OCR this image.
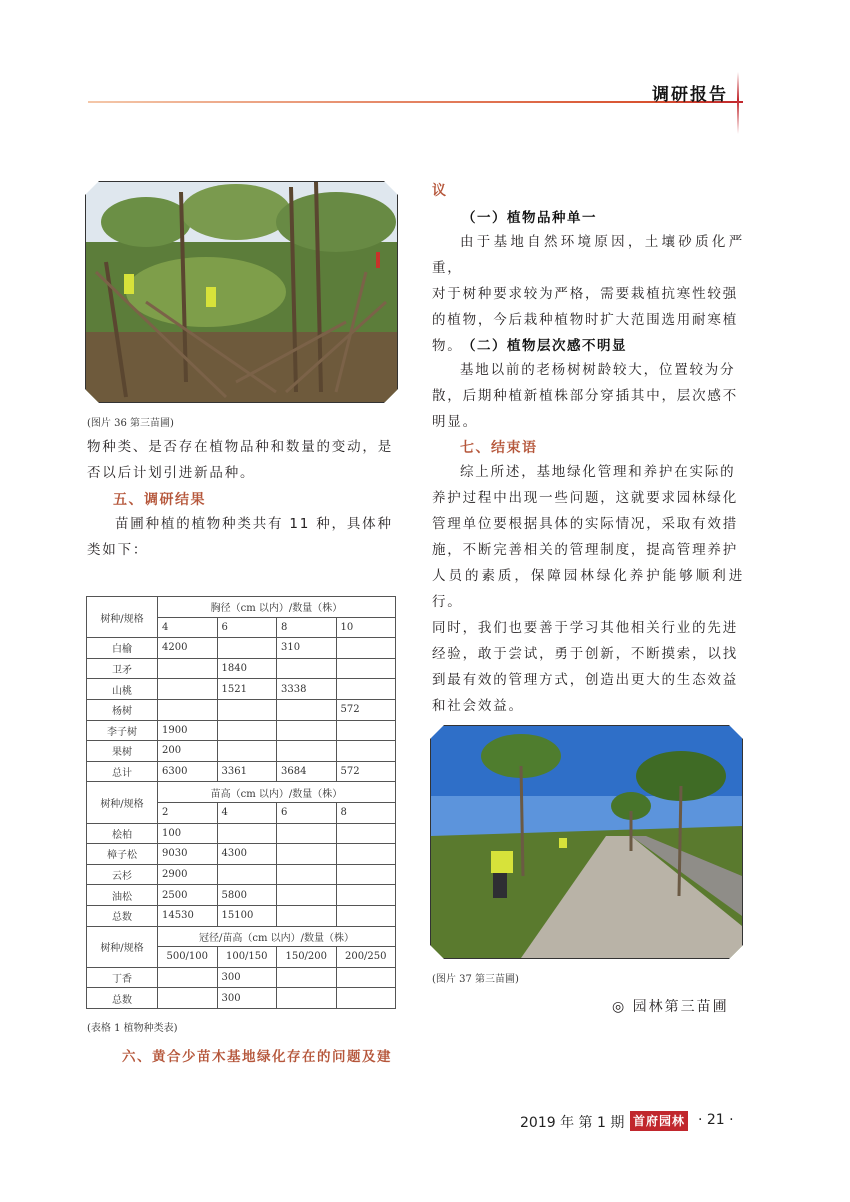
调研报告
(图片 36 第三苗圃)
物种类、是否存在植物品种和数量的变动，是
否以后计划引进新品种。
五、调研结果
苗圃种植的植物种类共有 11 种，具体种
类如下：
树种/规格	胸径（cm 以内）/数量（株）			
	4	6	8	10
白榆	4200		310	
卫矛		1840		
山桃		1521	3338	
杨树				572
李子树	1900			
果树	200			
总计	6300	3361	3684	572
树种/规格	苗高（cm 以内）/数量（株）			
	2	4	6	8
桧柏	100			
樟子松	9030	4300		
云杉	2900			
油松	2500	5800		
总数	14530	15100		
树种/规格	冠径/苗高（cm 以内）/数量（株）			
	500/100	100/150	150/200	200/250
丁香		300		
总数		300		
(表格 1 植物种类表)
六、黄合少苗木基地绿化存在的问题及建
议
（一）植物品种单一
由于基地自然环境原因，土壤砂质化严重，
对于树种要求较为严格，需要栽植抗寒性较强
的植物，今后栽种植物时扩大范围选用耐寒植
物。 （二）植物层次感不明显
基地以前的老杨树树龄较大，位置较为分
散，后期种植新植株部分穿插其中，层次感不
明显。
七、结束语
综上所述，基地绿化管理和养护在实际的
养护过程中出现一些问题，这就要求园林绿化
管理单位要根据具体的实际情况，采取有效措
施，不断完善相关的管理制度，提高管理养护
人员的素质，保障园林绿化养护能够顺利进行。
同时，我们也要善于学习其他相关行业的先进
经验，敢于尝试，勇于创新，不断摸索，以找
到最有效的管理方式，创造出更大的生态效益
和社会效益。
(图片 37 第三苗圃)
◎ 园林第三苗圃
2019 年 第 1 期 首府园林 · 21 ·
